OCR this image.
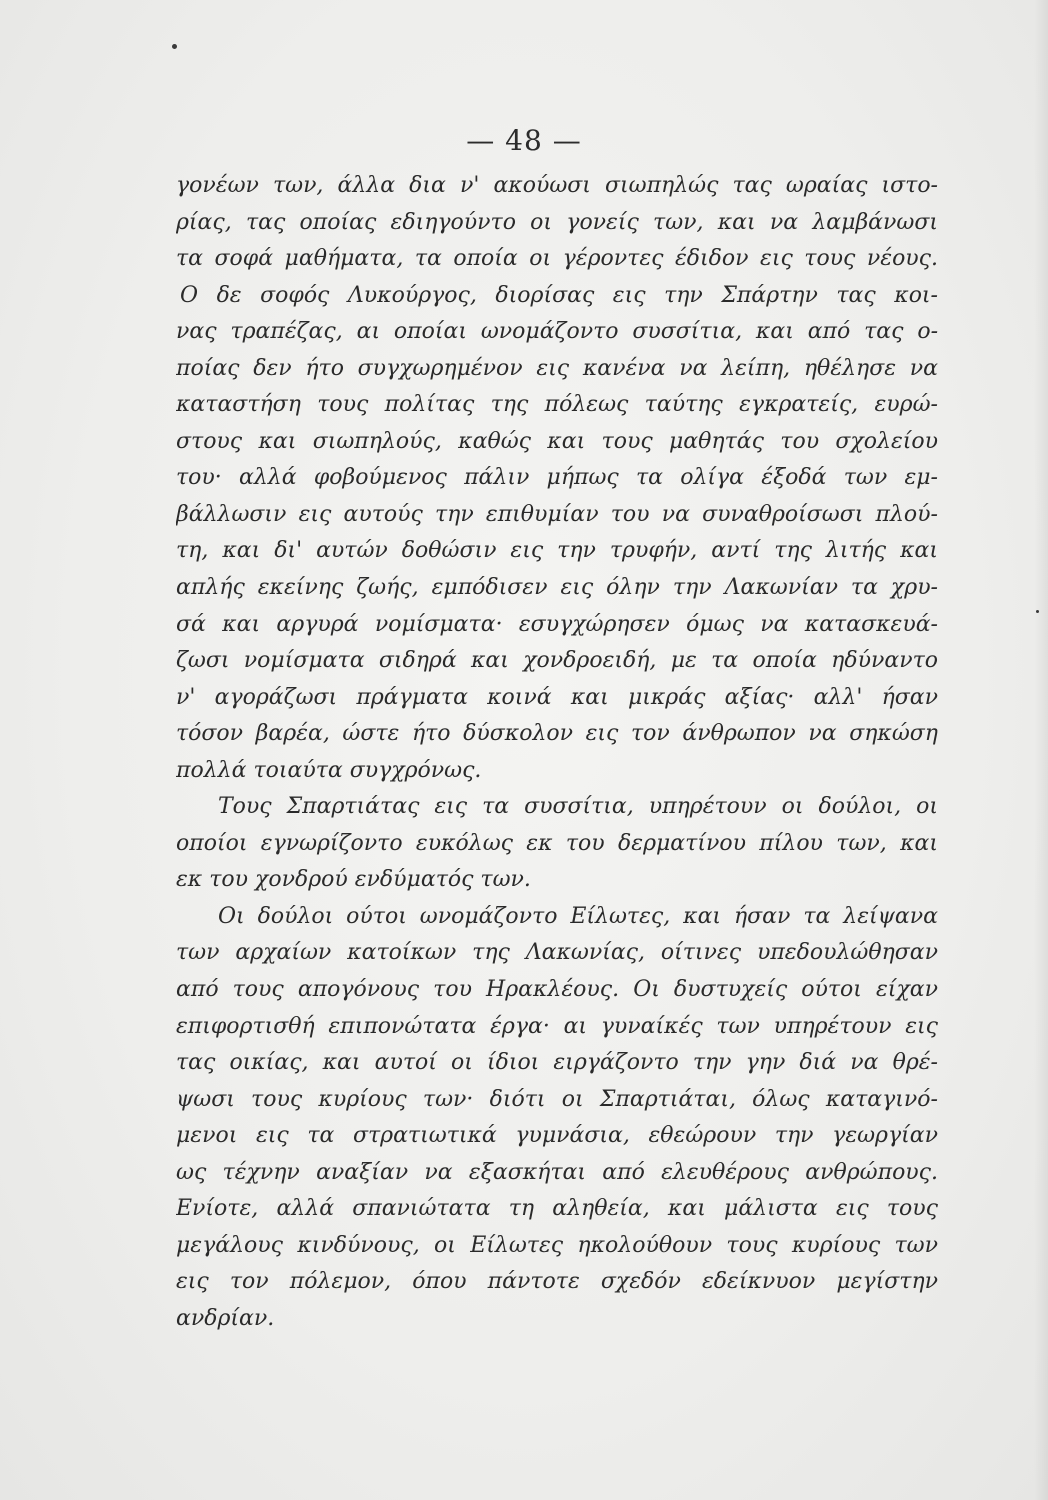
— 48 —
γονέων των, άλλα δια ν' ακούωσι σιωπηλώς τας ωραίας ιστο-
ρίας, τας οποίας εδιηγούντο οι γονείς των, και να λαμβάνωσι
τα σοφά μαθήματα, τα οποία οι γέροντες έδιδον εις τους νέους.
Ο δε σοφός Λυκούργος, διορίσας εις την Σπάρτην τας κοι-
νας τραπέζας, αι οποίαι ωνομάζοντο συσσίτια, και από τας ο-
ποίας δεν ήτο συγχωρημένον εις κανένα να λείπη, ηθέλησε να
καταστήση τους πολίτας της πόλεως ταύτης εγκρατείς, ευρώ-
στους και σιωπηλούς, καθώς και τους μαθητάς του σχολείου
του· αλλά φοβούμενος πάλιν μήπως τα ολίγα έξοδά των εμ-
βάλλωσιν εις αυτούς την επιθυμίαν του να συναθροίσωσι πλού-
τη, και δι' αυτών δοθώσιν εις την τρυφήν, αντί της λιτής και
απλής εκείνης ζωής, εμπόδισεν εις όλην την Λακωνίαν τα χρυ-
σά και αργυρά νομίσματα· εσυγχώρησεν όμως να κατασκευά-
ζωσι νομίσματα σιδηρά και χονδροειδή, με τα οποία ηδύναντο
ν' αγοράζωσι πράγματα κοινά και μικράς αξίας· αλλ' ήσαν
τόσον βαρέα, ώστε ήτο δύσκολον εις τον άνθρωπον να σηκώση
πολλά τοιαύτα συγχρόνως.
Τους Σπαρτιάτας εις τα συσσίτια, υπηρέτουν οι δούλοι, οι
οποίοι εγνωρίζοντο ευκόλως εκ του δερματίνου πίλου των, και
εκ του χονδρού ενδύματός των.
Οι δούλοι ούτοι ωνομάζοντο Είλωτες, και ήσαν τα λείψανα
των αρχαίων κατοίκων της Λακωνίας, οίτινες υπεδουλώθησαν
από τους απογόνους του Ηρακλέους. Οι δυστυχείς ούτοι είχαν
επιφορτισθή επιπονώτατα έργα· αι γυναίκές των υπηρέτουν εις
τας οικίας, και αυτοί οι ίδιοι ειργάζοντο την γην διά να θρέ-
ψωσι τους κυρίους των· διότι οι Σπαρτιάται, όλως καταγινό-
μενοι εις τα στρατιωτικά γυμνάσια, εθεώρουν την γεωργίαν
ως τέχνην αναξίαν να εξασκήται από ελευθέρους ανθρώπους.
Ενίοτε, αλλά σπανιώτατα τη αληθεία, και μάλιστα εις τους
μεγάλους κινδύνους, οι Είλωτες ηκολούθουν τους κυρίους των
εις τον πόλεμον, όπου πάντοτε σχεδόν εδείκνυον μεγίστην
ανδρίαν.
